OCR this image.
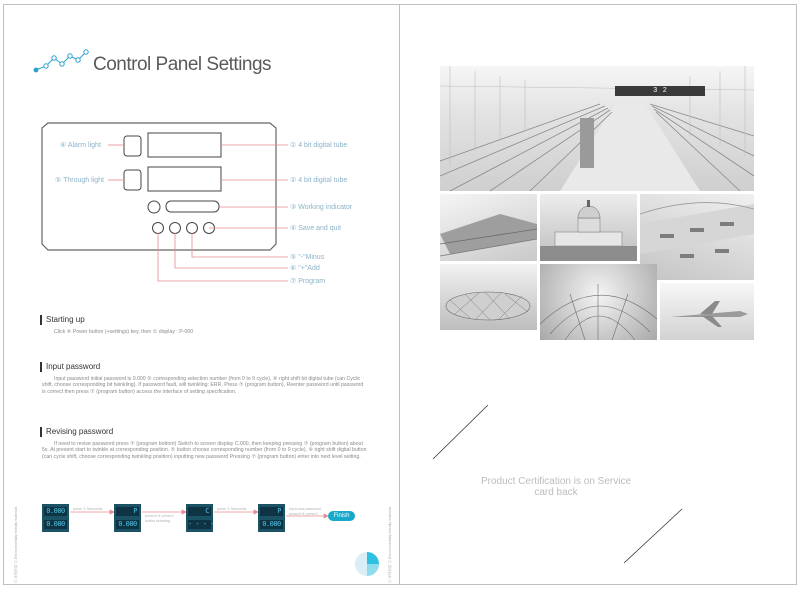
Control Panel Settings
⑥ Alarm light
⑤ Through light
① 4 bit digital tube
② 4 bit digital tube
③ Working indicator
④ Save and quit
⑤ "-"Minus
⑥ "+"Add
⑦ Program
Starting up
Click ④ Power button (+settings) key, then ① display : P-000
Input password
Input password initial password is 0.000 ⑤ corresponding selection number (from 0 to 9 cycle), ⑥ right shift bit digital tube (can Cyclic shift, choose corresponding bit twinkling). If password fault, will twinkling: ERR. Press ⑦ (program button), Reenter password until password is correct then press ⑦ (program button) access the interface of setting specification.
Revising password
If need to revise password press ⑦ (program bottom) Switch to screen display C.000, then keeping pressing ⑦ (program button) about 5s. At present start to twinkle at corresponding position. ⑤ button choose corresponding number (from 0 to 9 cycle). ⑥ right shift digital button (can cycle shift, choose corresponding twinkling position) inputting new password Pressing ⑦ (program button) enter into next level setting.
0.000
0.000
P
0.000
C
- - - -
P
0.000
press ⑦ 5seconds
press⑤/⑥ press⑦ button selecting
press ⑦ 5seconds	input new password press⑤/⑥ press⑦	Finish
◎ 环保材质 ◎ Environmentally friendly materials	◎ 环保材质 ◎ Environmentally friendly materials
3   2
Product Certification is on Service card back
